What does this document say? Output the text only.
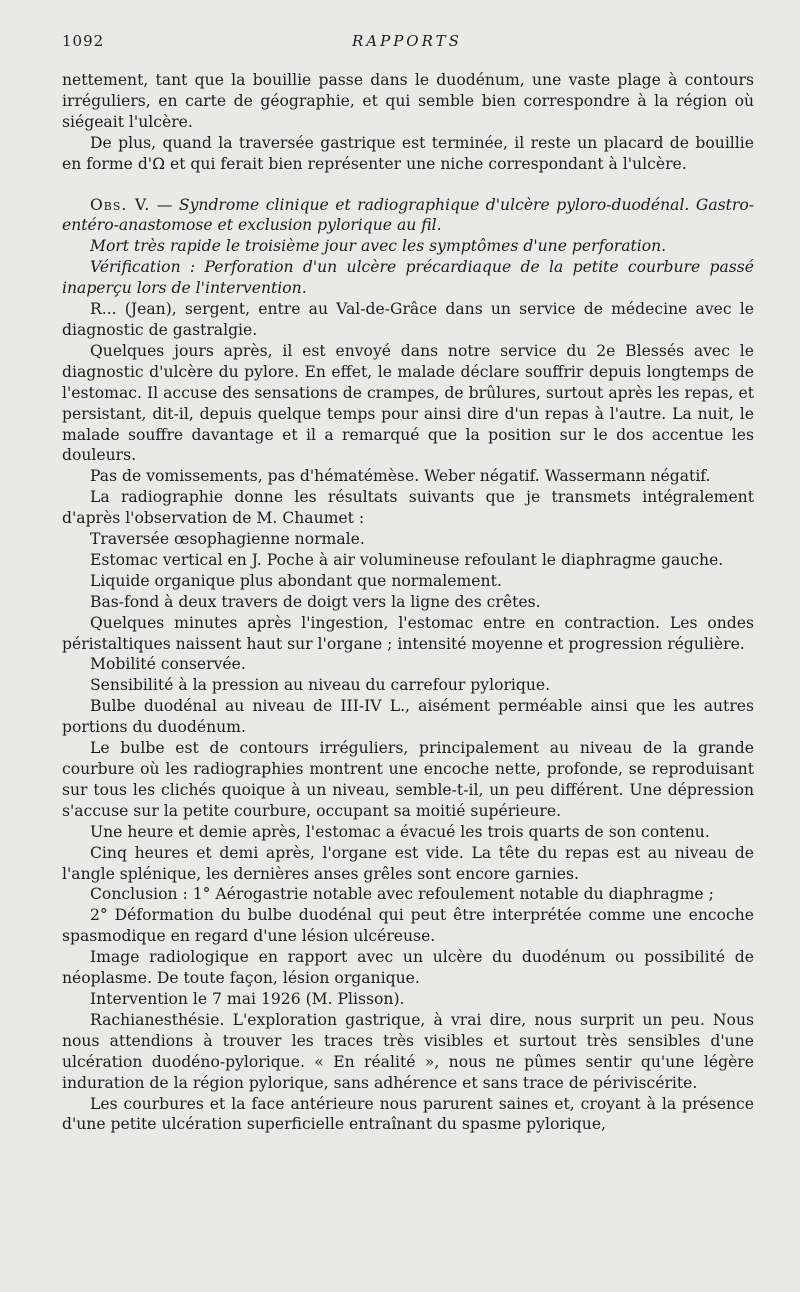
1092	RAPPORTS

nettement, tant que la bouillie passe dans le duodénum, une vaste plage à contours irréguliers, en carte de géographie, et qui semble bien correspondre à la région où siégeait l'ulcère.

De plus, quand la traversée gastrique est terminée, il reste un placard de bouillie en forme d'Ω et qui ferait bien représenter une niche correspondant à l'ulcère.

Obs. V. — Syndrome clinique et radiographique d'ulcère pyloro-duodénal. Gastro-entéro-anastomose et exclusion pylorique au fil.

Mort très rapide le troisième jour avec les symptômes d'une perforation.

Vérification : Perforation d'un ulcère précardiaque de la petite courbure passé inaperçu lors de l'intervention.

R... (Jean), sergent, entre au Val-de-Grâce dans un service de médecine avec le diagnostic de gastralgie.

Quelques jours après, il est envoyé dans notre service du 2e Blessés avec le diagnostic d'ulcère du pylore. En effet, le malade déclare souffrir depuis longtemps de l'estomac. Il accuse des sensations de crampes, de brûlures, surtout après les repas, et persistant, dit-il, depuis quelque temps pour ainsi dire d'un repas à l'autre. La nuit, le malade souffre davantage et il a remarqué que la position sur le dos accentue les douleurs.

Pas de vomissements, pas d'hématémèse. Weber négatif. Wassermann négatif.

La radiographie donne les résultats suivants que je transmets intégralement d'après l'observation de M. Chaumet :

Traversée œsophagienne normale.

Estomac vertical en J. Poche à air volumineuse refoulant le diaphragme gauche.

Liquide organique plus abondant que normalement.

Bas-fond à deux travers de doigt vers la ligne des crêtes.

Quelques minutes après l'ingestion, l'estomac entre en contraction. Les ondes péristaltiques naissent haut sur l'organe ; intensité moyenne et progression régulière.

Mobilité conservée.

Sensibilité à la pression au niveau du carrefour pylorique.

Bulbe duodénal au niveau de III-IV L., aisément perméable ainsi que les autres portions du duodénum.

Le bulbe est de contours irréguliers, principalement au niveau de la grande courbure où les radiographies montrent une encoche nette, profonde, se reproduisant sur tous les clichés quoique à un niveau, semble-t-il, un peu différent. Une dépression s'accuse sur la petite courbure, occupant sa moitié supérieure.

Une heure et demie après, l'estomac a évacué les trois quarts de son contenu.

Cinq heures et demi après, l'organe est vide. La tête du repas est au niveau de l'angle splénique, les dernières anses grêles sont encore garnies.

Conclusion : 1° Aérogastrie notable avec refoulement notable du diaphragme ;

2° Déformation du bulbe duodénal qui peut être interprétée comme une encoche spasmodique en regard d'une lésion ulcéreuse.

Image radiologique en rapport avec un ulcère du duodénum ou possibilité de néoplasme. De toute façon, lésion organique.

Intervention le 7 mai 1926 (M. Plisson).

Rachianesthésie. L'exploration gastrique, à vrai dire, nous surprit un peu. Nous nous attendions à trouver les traces très visibles et surtout très sensibles d'une ulcération duodéno-pylorique. « En réalité », nous ne pûmes sentir qu'une légère induration de la région pylorique, sans adhérence et sans trace de périviscérite.

Les courbures et la face antérieure nous parurent saines et, croyant à la présence d'une petite ulcération superficielle entraînant du spasme pylorique,
